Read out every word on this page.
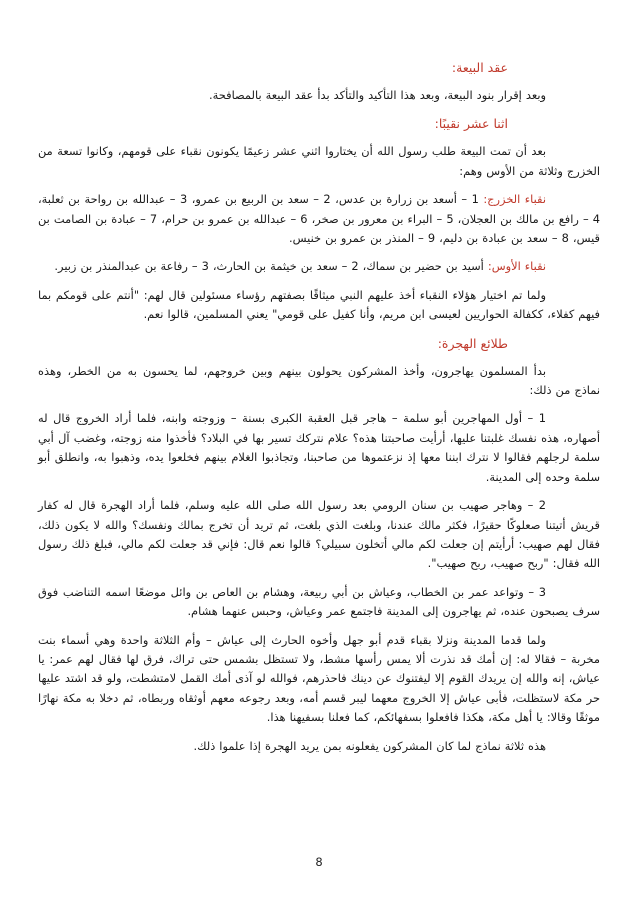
عقد البيعة:

وبعد إقرار بنود البيعة، وبعد هذا التأكيد والتأكد بدأ عقد البيعة بالمصافحة.

اثنا عشر نقيبًا:

بعد أن تمت البيعة طلب رسول الله أن يختاروا اثني عشر زعيمًا يكونون نقباء على قومهم، وكانوا تسعة من الخزرج وثلاثة من الأوس وهم:

نقباء الخزرج: 1 – أسعد بن زرارة بن عدس، 2 – سعد بن الربيع بن عمرو، 3 – عبدالله بن رواحة بن ثعلبة، 4 – رافع بن مالك بن العجلان، 5 – البراء بن معرور بن صخر، 6 – عبدالله بن عمرو بن حرام، 7 – عبادة بن الصامت بن قيس، 8 – سعد بن عبادة بن دليم، 9 – المنذر بن عمرو بن خنيس.

نقباء الأوس: أسيد بن حضير بن سماك، 2 – سعد بن خيثمة بن الحارث، 3 – رفاعة بن عبدالمنذر بن زبير.

ولما تم اختيار هؤلاء النقباء أخذ عليهم النبي ميثاقًا بصفتهم رؤساء مسئولين قال لهم: "أنتم على قومكم بما فيهم كفلاء، ككفالة الحواريين لعيسى ابن مريم، وأنا كفيل على قومي" يعني المسلمين، قالوا نعم.

طلائع الهجرة:

بدأ المسلمون يهاجرون، وأخذ المشركون يحولون بينهم وبين خروجهم، لما يحسون به من الخطر، وهذه نماذج من ذلك:

1 – أول المهاجرين أبو سلمة – هاجر قبل العقبة الكبرى بسنة – وزوجته وابنه، فلما أراد الخروج قال له أصهاره، هذه نفسك غلبتنا عليها، أرأيت صاحبتنا هذه؟ علام نتركك تسير بها في البلاد؟ فأخذوا منه زوجته، وغضب آل أبي سلمة لرجلهم فقالوا لا نترك ابننا معها إذ نزعتموها من صاحبنا، وتجاذبوا الغلام بينهم فخلعوا يده، وذهبوا به، وانطلق أبو سلمة وحده إلى المدينة.

2 – وهاجر صهيب بن سنان الرومي بعد رسول الله صلى الله عليه وسلم، فلما أراد الهجرة قال له كفار قريش أتيتنا صعلوكًا حقيرًا، فكثر مالك عندنا، وبلغت الذي بلغت، ثم تريد أن تخرج بمالك ونفسك؟ والله لا يكون ذلك، فقال لهم صهيب: أرأيتم إن جعلت لكم مالي أتخلون سبيلي؟ قالوا نعم قال: فإني قد جعلت لكم مالي، فبلغ ذلك رسول الله فقال: "ربح صهيب، ربح صهيب".

3 – وتواعد عمر بن الخطاب، وعياش بن أبي ربيعة، وهشام بن العاص بن وائل موضعًا اسمه التناضب فوق سرف يصبحون عنده، ثم يهاجرون إلى المدينة فاجتمع عمر وعياش، وحبس عنهما هشام.

ولما قدما المدينة ونزلا بقباء قدم أبو جهل وأخوه الحارث إلى عياش – وأم الثلاثة واحدة وهي أسماء بنت مخربة – فقالا له: إن أمك قد نذرت ألا يمس رأسها مشط، ولا تستظل بشمس حتى تراك، فرق لها فقال لهم عمر: يا عياش، إنه والله إن يريدك القوم إلا ليفتنوك عن دينك فاحذرهم، فوالله لو آذى أمك القمل لامتشطت، ولو قد اشتد عليها حر مكة لاستظلت، فأبى عياش إلا الخروج معهما ليبر قسم أمه، وبعد رجوعه معهم أوثقاه وربطاه، ثم دخلا به مكة نهارًا موثقًا وقالا: يا أهل مكة، هكذا فافعلوا بسفهائكم، كما فعلنا بسفيهنا هذا.

هذه ثلاثة نماذج لما كان المشركون يفعلونه بمن يريد الهجرة إذا علموا ذلك.

8
